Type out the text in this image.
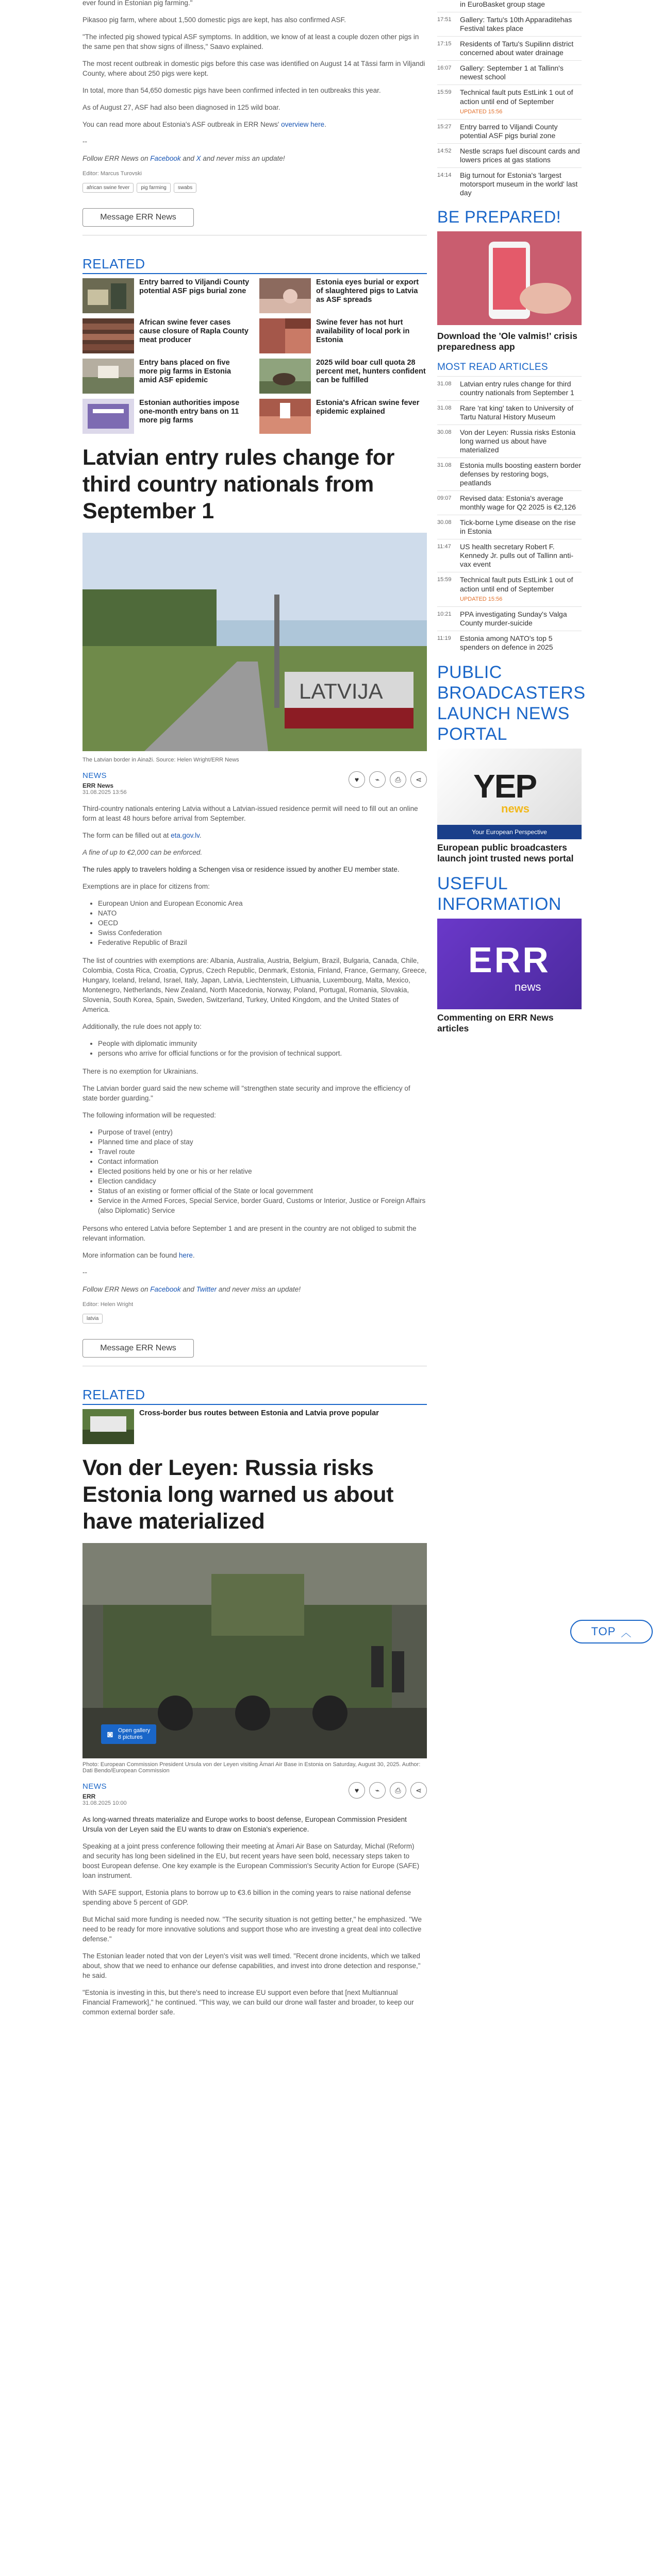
ever found in Estonian pig farming."

Pikasoo pig farm, where about 1,500 domestic pigs are kept, has also confirmed ASF.

"The infected pig showed typical ASF symptoms. In addition, we know of at least a couple dozen other pigs in the same pen that show signs of illness," Saavo explained.

The most recent outbreak in domestic pigs before this case was identified on August 14 at Tässi farm in Viljandi County, where about 250 pigs were kept.

In total, more than 54,650 domestic pigs have been confirmed infected in ten outbreaks this year.

As of August 27, ASF had also been diagnosed in 125 wild boar.

You can read more about Estonia's ASF outbreak in ERR News' overview here.

--

Follow ERR News on Facebook and X and never miss an update!

Editor: Marcus Turovski

african swine fever	pig farming	swabs
Message ERR News
RELATED
Entry barred to Viljandi County potential ASF pigs burial zone
Estonia eyes burial or export of slaughtered pigs to Latvia as ASF spreads
African swine fever cases cause closure of Rapla County meat producer
Swine fever has not hurt availability of local pork in Estonia
Entry bans placed on five more pig farms in Estonia amid ASF epidemic
2025 wild boar cull quota 28 percent met, hunters confident can be fulfilled
Estonian authorities impose one-month entry bans on 11 more pig farms
Estonia's African swine fever epidemic explained
Latvian entry rules change for third country nationals from September 1
LATVIJA

The Latvian border in Ainaži. Source: Helen Wright/ERR News

NEWS
ERR News
31.08.2025 13:56
♥	⌁	⎙	⋖

Third-country nationals entering Latvia without a Latvian-issued residence permit will need to fill out an online form at least 48 hours before arrival from September.

The form can be filled out at eta.gov.lv.

A fine of up to €2,000 can be enforced.

The rules apply to travelers holding a Schengen visa or residence issued by another EU member state.

Exemptions are in place for citizens from:

• European Union and European Economic Area
• NATO
• OECD
• Swiss Confederation
• Federative Republic of Brazil

The list of countries with exemptions are: Albania, Australia, Austria, Belgium, Brazil, Bulgaria, Canada, Chile, Colombia, Costa Rica, Croatia, Cyprus, Czech Republic, Denmark, Estonia, Finland, France, Germany, Greece, Hungary, Iceland, Ireland, Israel, Italy, Japan, Latvia, Liechtenstein, Lithuania, Luxembourg, Malta, Mexico, Montenegro, Netherlands, New Zealand, North Macedonia, Norway, Poland, Portugal, Romania, Slovakia, Slovenia, South Korea, Spain, Sweden, Switzerland, Turkey, United Kingdom, and the United States of America.

Additionally, the rule does not apply to:

• People with diplomatic immunity
• persons who arrive for official functions or for the provision of technical support.

There is no exemption for Ukrainians.

The Latvian border guard said the new scheme will "strengthen state security and improve the efficiency of state border guarding."

The following information will be requested:

• Purpose of travel (entry)
• Planned time and place of stay
• Travel route
• Contact information
• Elected positions held by one or his or her relative
• Election candidacy
• Status of an existing or former official of the State or local government
• Service in the Armed Forces, Special Service, border Guard, Customs or Interior, Justice or Foreign Affairs (also Diplomatic) Service

Persons who entered Latvia before September 1 and are present in the country are not obliged to submit the relevant information.

More information can be found here.

--

Follow ERR News on Facebook and Twitter and never miss an update!

Editor: Helen Wright

latvia
Message ERR News
RELATED
Cross-border bus routes between Estonia and Latvia prove popular
Von der Leyen: Russia risks Estonia long warned us about have materialized
◙ Open gallery
8 pictures

Photo: European Commission President Ursula von der Leyen visiting Ämari Air Base in Estonia on Saturday, August 30, 2025. Author: Dati Bendo/European Commission

NEWS
ERR
31.08.2025 10:00
♥	⌁	⎙	⋖

As long-warned threats materialize and Europe works to boost defense, European Commission President Ursula von der Leyen said the EU wants to draw on Estonia's experience.

Speaking at a joint press conference following their meeting at Ämari Air Base on Saturday, Michal (Reform) and security has long been sidelined in the EU, but recent years have seen bold, necessary steps taken to boost European defense. One key example is the European Commission's Security Action for Europe (SAFE) loan instrument.

With SAFE support, Estonia plans to borrow up to €3.6 billion in the coming years to raise national defense spending above 5 percent of GDP.

But Michal said more funding is needed now. "The security situation is not getting better," he emphasized. "We need to be ready for more innovative solutions and support those who are investing a great deal into collective defense."

The Estonian leader noted that von der Leyen's visit was well timed. "Recent drone incidents, which we talked about, show that we need to enhance our defense capabilities, and invest into drone detection and response," he said.

"Estonia is investing in this, but there's need to increase EU support even before that [next Multiannual Financial Framework]," he continued. "This way, we can build our drone wall faster and broader, to keep our common external border safe.

in EuroBasket group stage
17:51	Gallery: Tartu's 10th Apparaditehas Festival takes place
17:15	Residents of Tartu's Supilinn district concerned about water drainage
16:07	Gallery: September 1 at Tallinn's newest school
15:59	Technical fault puts EstLink 1 out of action until end of September
UPDATED 15:56
15:27	Entry barred to Viljandi County potential ASF pigs burial zone
14:52	Nestle scraps fuel discount cards and lowers prices at gas stations
14:14	Big turnout for Estonia's 'largest motorsport museum in the world' last day
BE PREPARED!
Download the 'Ole valmis!' crisis preparedness app
MOST READ ARTICLES
31.08	Latvian entry rules change for third country nationals from September 1
31.08	Rare 'rat king' taken to University of Tartu Natural History Museum
30.08	Von der Leyen: Russia risks Estonia long warned us about have materialized
31.08	Estonia mulls boosting eastern border defenses by restoring bogs, peatlands
09:07	Revised data: Estonia's average monthly wage for Q2 2025 is €2,126
30.08	Tick-borne Lyme disease on the rise in Estonia
11:47	US health secretary Robert F. Kennedy Jr. pulls out of Tallinn anti-vax event
15:59	Technical fault puts EstLink 1 out of action until end of September
UPDATED 15:56
10:21	PPA investigating Sunday's Valga County murder-suicide
11:19	Estonia among NATO's top 5 spenders on defence in 2025
PUBLIC BROADCASTERS LAUNCH NEWS PORTAL
YEP
news
Your European Perspective
European public broadcasters launch joint trusted news portal
USEFUL INFORMATION
ERR
news
Commenting on ERR News articles
TOP ︿
